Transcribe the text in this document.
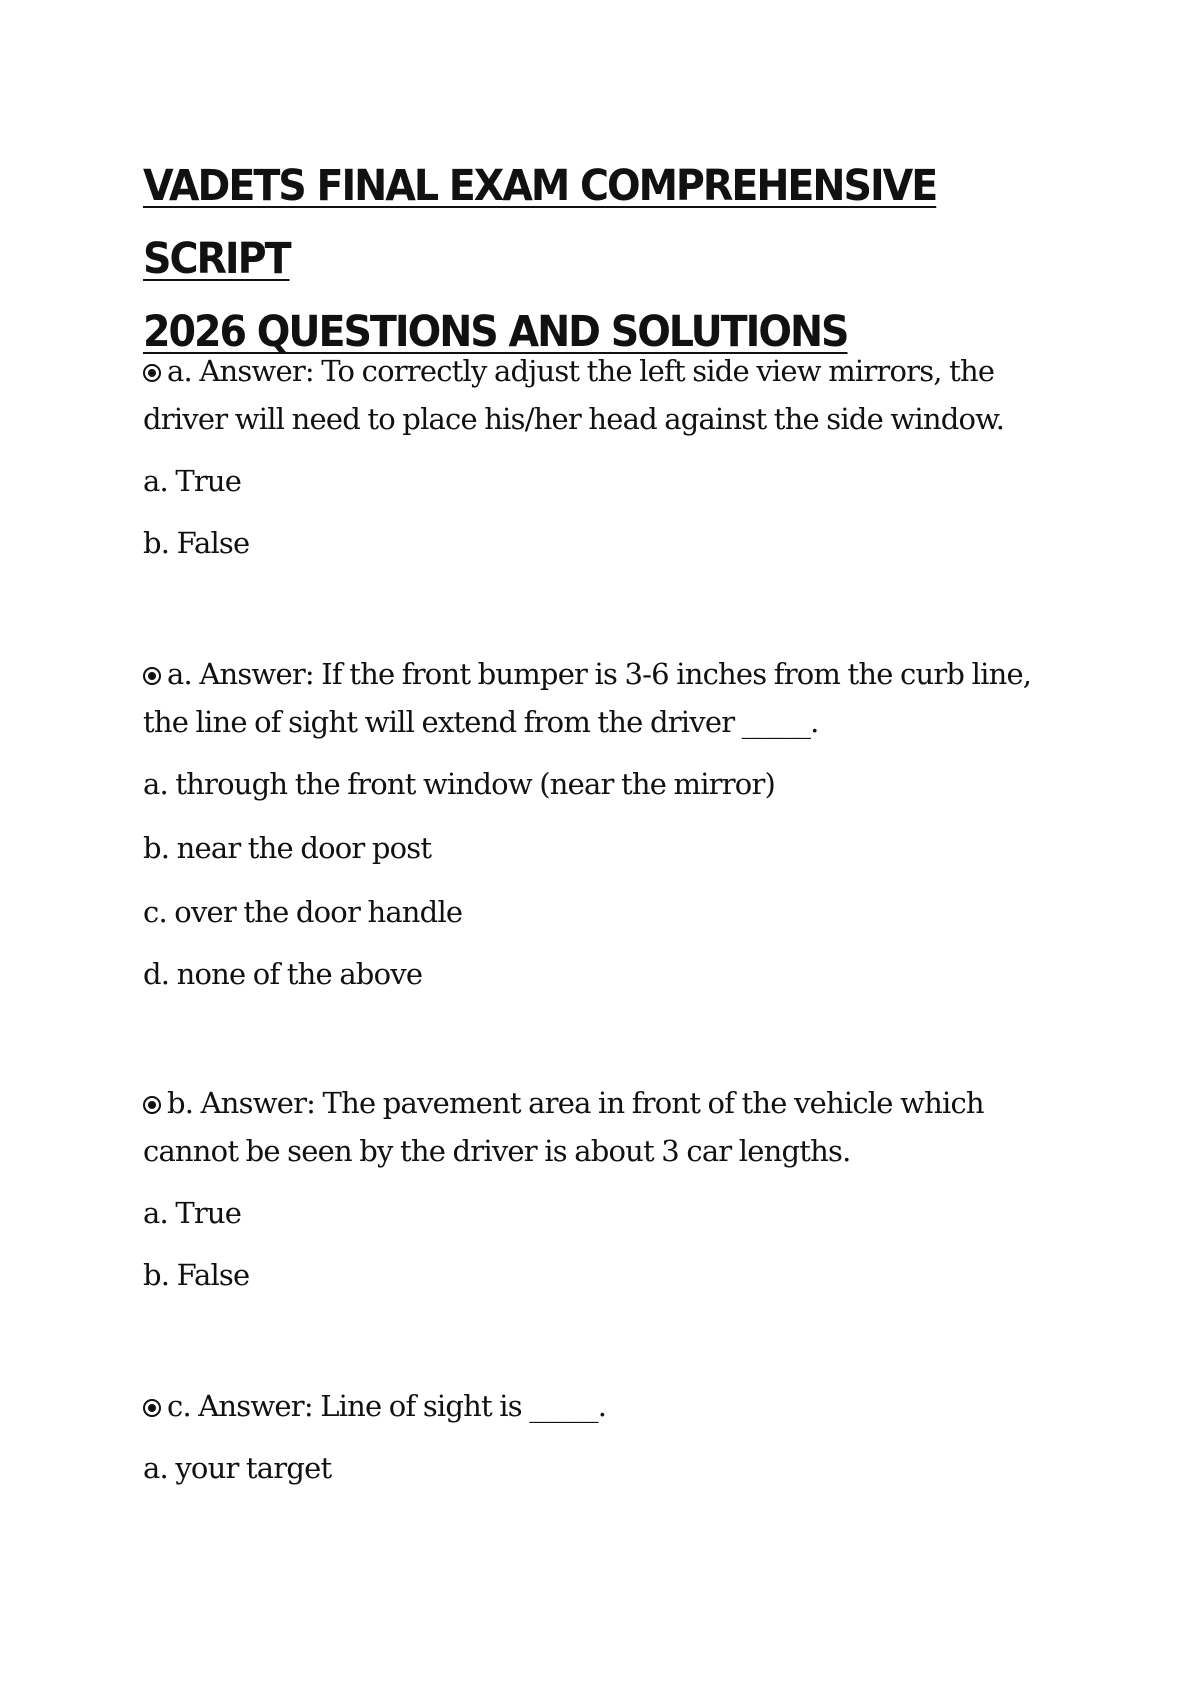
VADETS FINAL EXAM COMPREHENSIVE SCRIPT
2026 QUESTIONS AND SOLUTIONS

a. Answer: To correctly adjust the left side view mirrors, the driver will need to place his/her head against the side window.

a. True

b. False

a. Answer: If the front bumper is 3-6 inches from the curb line, the line of sight will extend from the driver _____.

a. through the front window (near the mirror)

b. near the door post

c. over the door handle

d. none of the above

b. Answer: The pavement area in front of the vehicle which cannot be seen by the driver is about 3 car lengths.

a. True

b. False

c. Answer: Line of sight is _____.

a. your target
